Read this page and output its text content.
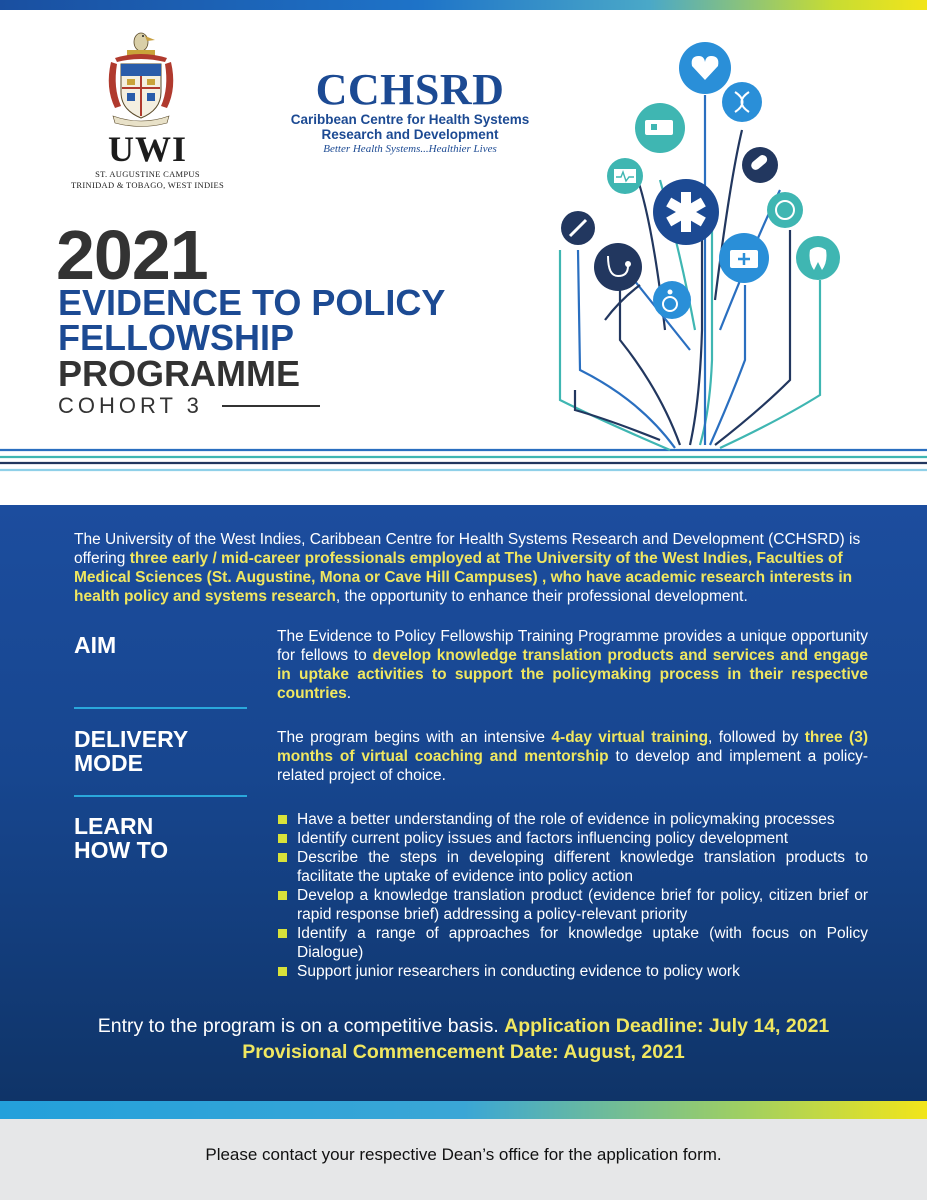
UWI
ST. AUGUSTINE CAMPUS
TRINIDAD & TOBAGO, WEST INDIES
CCHSRD
Caribbean Centre for Health Systems
Research and Development
Better Health Systems...Healthier Lives
2021
EVIDENCE TO POLICY
FELLOWSHIP
PROGRAMME
COHORT 3

The University of the West Indies, Caribbean Centre for Health Systems Research and Development (CCHSRD) is offering three early / mid-career professionals employed at The University of the West Indies, Faculties of Medical Sciences (St. Augustine, Mona or Cave Hill Campuses) , who have academic research interests in health policy and systems research, the opportunity to enhance their professional development.

AIM	The Evidence to Policy Fellowship Training Programme provides a unique opportunity for fellows to develop knowledge translation products and services and engage in uptake activities to support the policymaking process in their respective countries.

DELIVERY
MODE

The program begins with an intensive 4-day virtual training, followed by three (3) months of virtual coaching and mentorship to develop and implement a policy-related project of choice.

LEARN
HOW TO
Have a better understanding of the role of evidence in policymaking processes
Identify current policy issues and factors influencing policy development
Describe the steps in developing different knowledge translation products to facilitate the uptake of evidence into policy action
Develop a knowledge translation product (evidence brief for policy, citizen brief or rapid response brief) addressing a policy-relevant priority
Identify a range of approaches for knowledge uptake (with focus on Policy Dialogue)
Support junior researchers in conducting evidence to policy work
Entry to the program is on a competitive basis. Application Deadline: July 14, 2021
Provisional Commencement Date: August, 2021
Please contact your respective Dean’s office for the application form.
